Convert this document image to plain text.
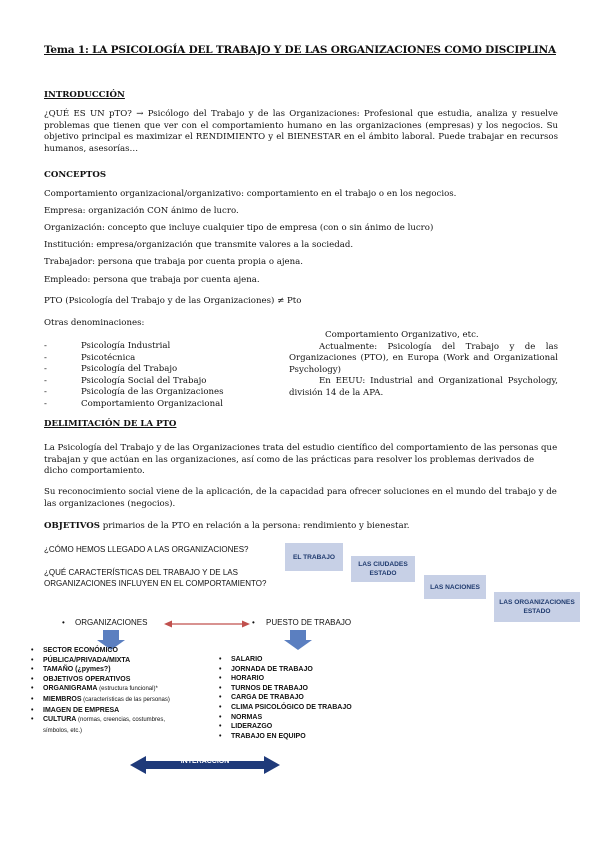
Tema 1: LA PSICOLOGÍA DEL TRABAJO Y DE LAS ORGANIZACIONES COMO DISCIPLINA
INTRODUCCIÓN
¿QUÉ ES UN pTO? → Psicólogo del Trabajo y de las Organizaciones: Profesional que estudia, analiza y resuelve problemas que tienen que ver con el comportamiento humano en las organizaciones (empresas) y los negocios. Su objetivo principal es maximizar el RENDIMIENTO y el BIENESTAR en el ámbito laboral. Puede trabajar en recursos humanos, asesorías…
CONCEPTOS
Comportamiento organizacional/organizativo: comportamiento en el trabajo o en los negocios.
Empresa: organización CON ánimo de lucro.
Organización: concepto que incluye cualquier tipo de empresa (con o sin ánimo de lucro)
Institución: empresa/organización que transmite valores a la sociedad.
Trabajador: persona que trabaja por cuenta propia o ajena.
Empleado: persona que trabaja por cuenta ajena.
PTO (Psicología del Trabajo y de las Organizaciones) ≠ Pto
Otras denominaciones:
- Psicología Industrial
- Psicotécnica
- Psicología del Trabajo
- Psicología Social del Trabajo
- Psicología de las Organizaciones
- Comportamiento Organizacional
Comportamiento Organizativo, etc.
Actualmente: Psicología del Trabajo y de las Organizaciones (PTO), en Europa (Work and Organizational Psychology)
En EEUU: Industrial and Organizational Psychology, división 14 de la APA.
DELIMITACIÓN DE LA PTO
La Psicología del Trabajo y de las Organizaciones trata del estudio científico del comportamiento de las personas que trabajan y que actúan en las organizaciones, así como de las prácticas para resolver los problemas derivados de dicho comportamiento.
Su reconocimiento social viene de la aplicación, de la capacidad para ofrecer soluciones en el mundo del trabajo y de las organizaciones (negocios).
OBJETIVOS primarios de la PTO en relación a la persona: rendimiento y bienestar.
¿CÓMO HEMOS LLEGADO A LAS ORGANIZACIONES?
¿QUÉ CARACTERÍSTICAS DEL TRABAJO Y DE LAS ORGANIZACIONES INFLUYEN EN EL COMPORTAMIENTO?
EL TRABAJO
LAS CIUDADES ESTADO
LAS NACIONES
LAS ORGANIZACIONES ESTADO
• ORGANIZACIONES	• PUESTO DE TRABAJO
INTERACCIÓN
• SECTOR ECONÓMICO
• PÚBLICA/PRIVADA/MIXTA
• TAMAÑO (¿pymes?)
• OBJETIVOS OPERATIVOS
• ORGANIGRAMA (estructura funcional)*
• MIEMBROS (características de las personas)
• IMAGEN DE EMPRESA
• CULTURA (normas, creencias, costumbres, símbolos, etc.)
• SALARIO
• JORNADA DE TRABAJO
• HORARIO
• TURNOS DE TRABAJO
• CARGA DE TRABAJO
• CLIMA PSICOLÓGICO DE TRABAJO
• NORMAS
• LIDERAZGO
• TRABAJO EN EQUIPO
